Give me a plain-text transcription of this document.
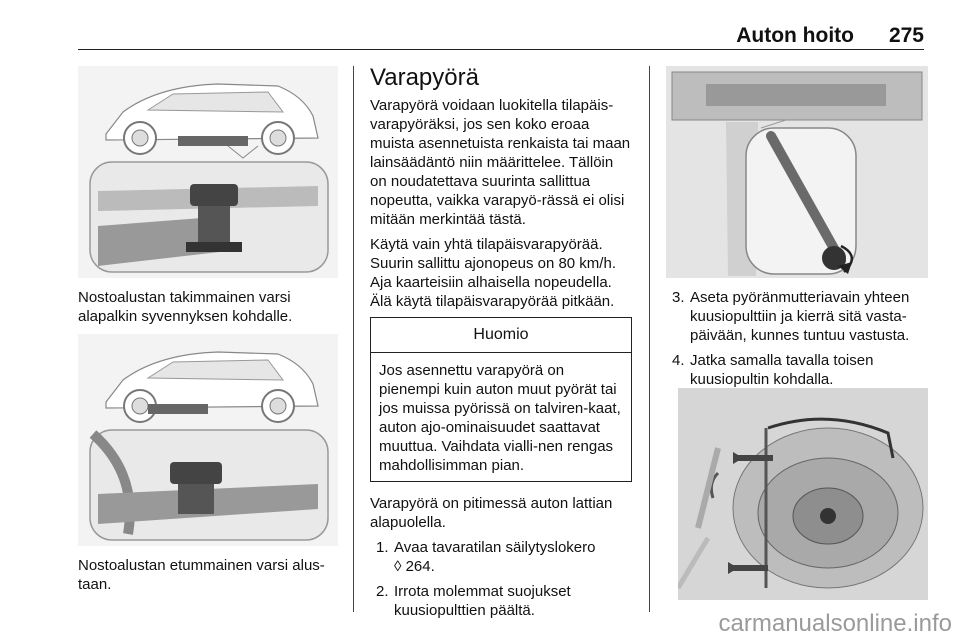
Auton hoito 275
Nostoalustan takimmainen varsi alapalkin syvennyksen kohdalle.
Nostoalustan etummainen varsi alus-taan.
Varapyörä

Varapyörä voidaan luokitella tilapäis-varapyöräksi, jos sen koko eroaa muista asennetuista renkaista tai maan lainsäädäntö niin määrittelee. Tällöin on noudatettava suurinta sallittua nopeutta, vaikka varapyö-rässä ei olisi mitään merkintää tästä.

Käytä vain yhtä tilapäisvarapyörää. Suurin sallittu ajonopeus on 80 km/h. Aja kaarteisiin alhaisella nopeudella. Älä käytä tilapäisvarapyörää pitkään.

Huomio
Jos asennettu varapyörä on pienempi kuin auton muut pyörät tai jos muissa pyörissä on talviren-kaat, auton ajo-ominaisuudet saattavat muuttua. Vaihdata vialli-nen rengas mahdollisimman pian.

Varapyörä on pitimessä auton lattian alapuolella.

1. Avaa tavaratilan säilytyslokero
◊ 264.
2. Irrota molemmat suojukset kuusiopulttien päältä.
3. Aseta pyöränmutteriavain yhteen kuusiopulttiin ja kierrä sitä vasta-päivään, kunnes tuntuu vastusta.
4. Jatka samalla tavalla toisen kuusiopultin kohdalla.
carmanualsonline.info
